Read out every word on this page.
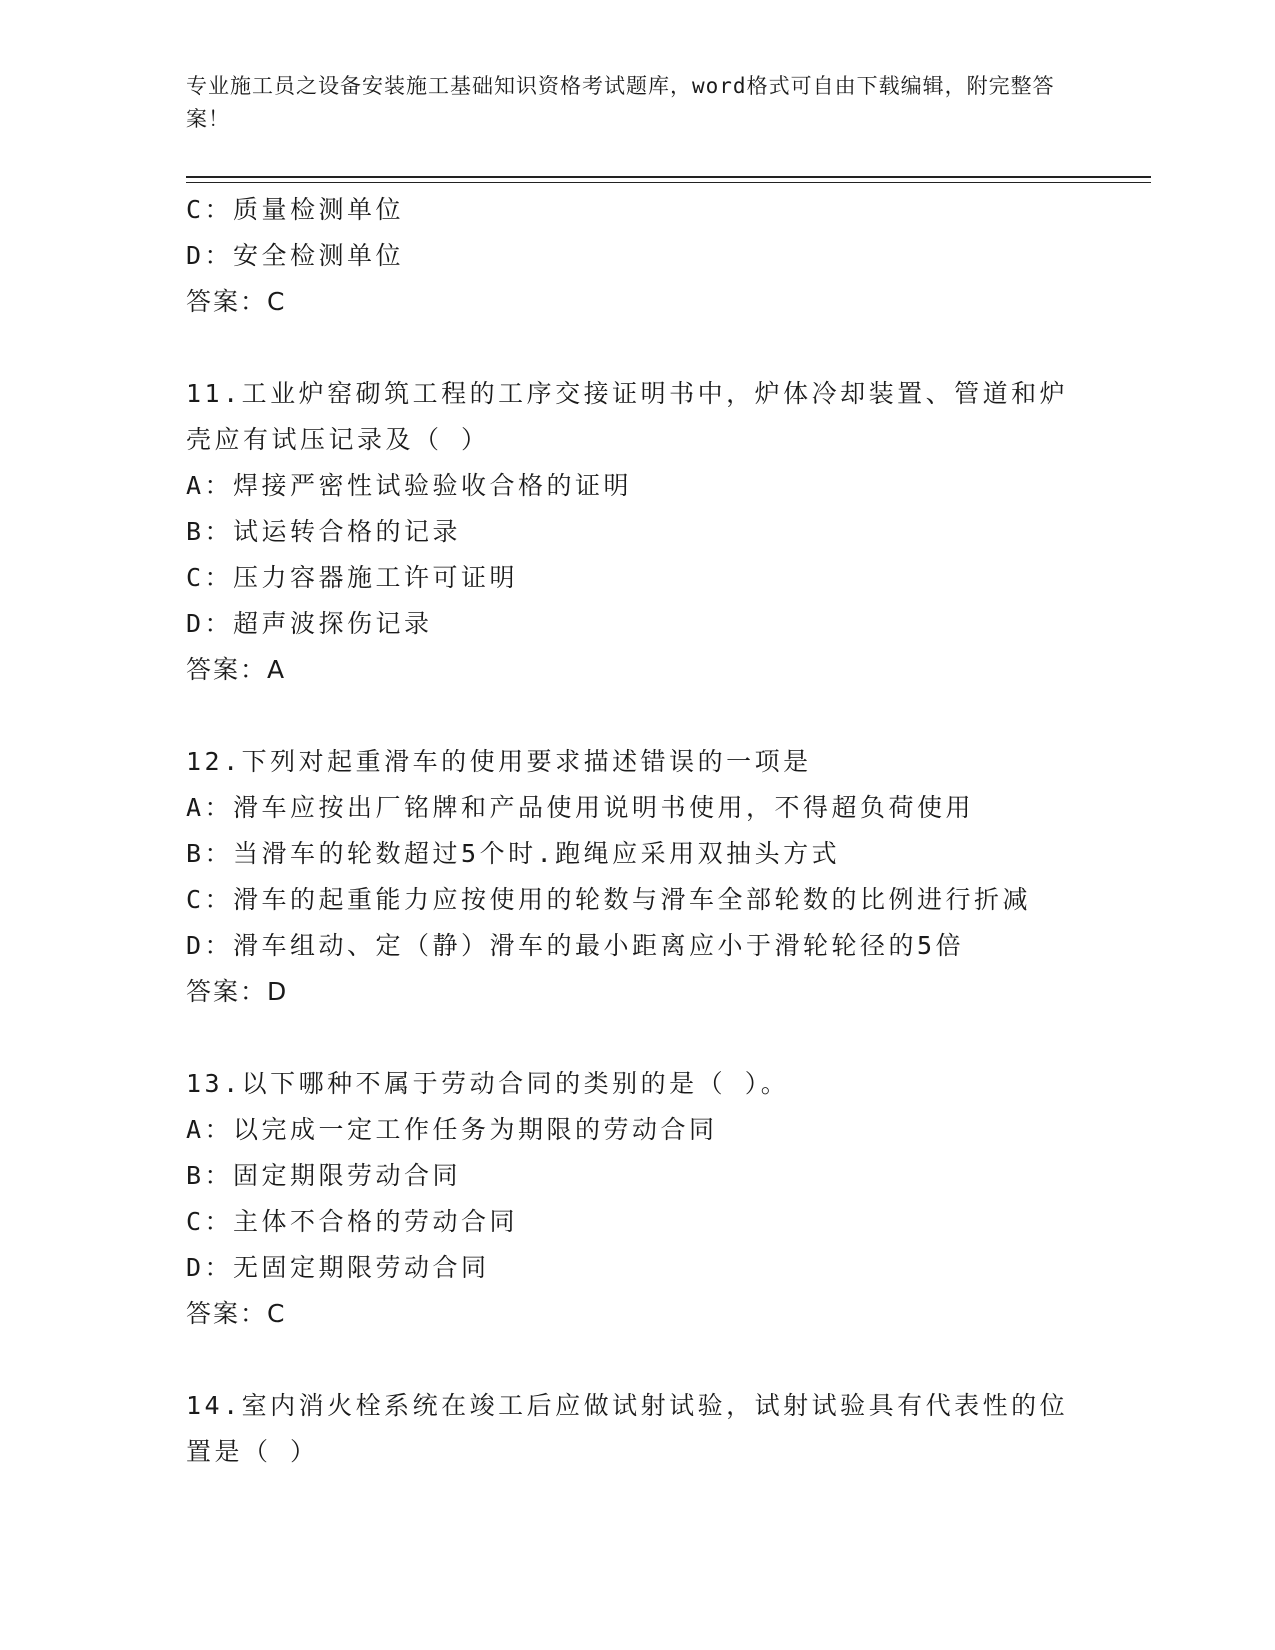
专业施工员之设备安装施工基础知识资格考试题库，word格式可自由下载编辑，附完整答案！
C：质量检测单位
D：安全检测单位
答案：C
11.工业炉窑砌筑工程的工序交接证明书中，炉体冷却装置、管道和炉壳应有试压记录及（ ）
A：焊接严密性试验验收合格的证明
B：试运转合格的记录
C：压力容器施工许可证明
D：超声波探伤记录
答案：A
12.下列对起重滑车的使用要求描述错误的一项是
A：滑车应按出厂铭牌和产品使用说明书使用，不得超负荷使用
B：当滑车的轮数超过5个时.跑绳应采用双抽头方式
C：滑车的起重能力应按使用的轮数与滑车全部轮数的比例进行折减
D：滑车组动、定（静）滑车的最小距离应小于滑轮轮径的5倍
答案：D
13.以下哪种不属于劳动合同的类别的是（ ）。
A：以完成一定工作任务为期限的劳动合同
B：固定期限劳动合同
C：主体不合格的劳动合同
D：无固定期限劳动合同
答案：C
14.室内消火栓系统在竣工后应做试射试验，试射试验具有代表性的位置是（ ）
